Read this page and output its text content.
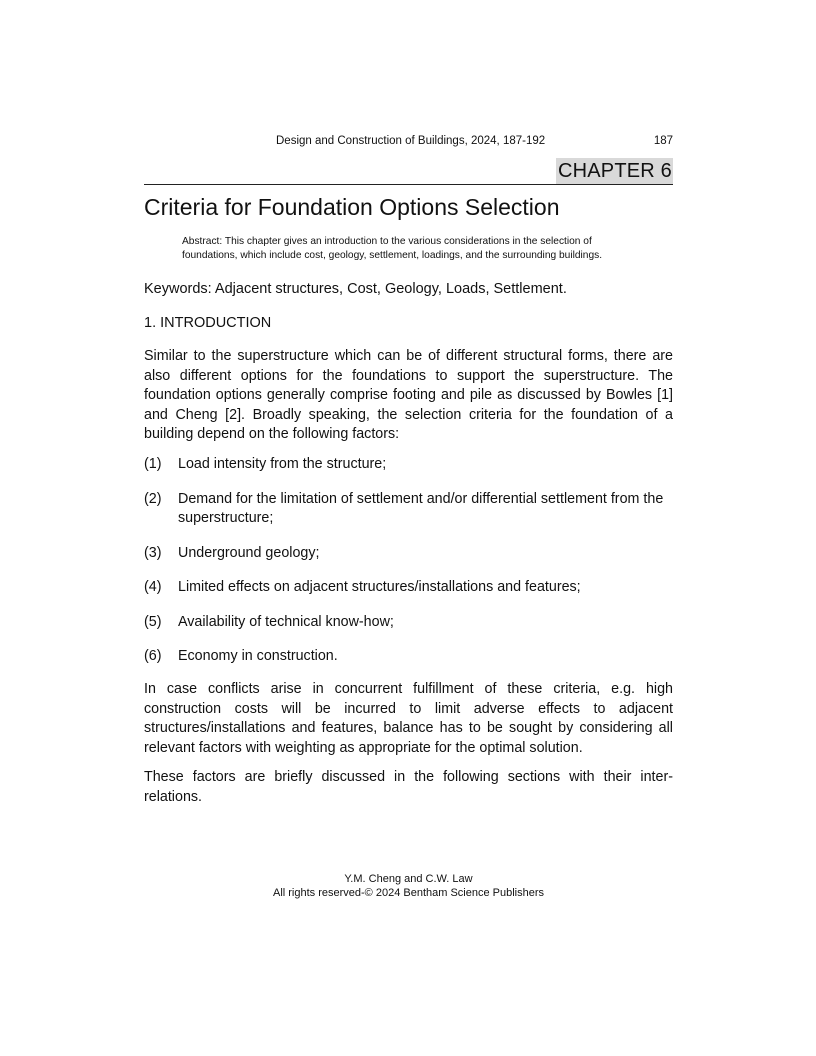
Design and Construction of Buildings, 2024, 187-192	187
CHAPTER 6
Criteria for Foundation Options Selection

Abstract: This chapter gives an introduction to the various considerations in the selection of foundations, which include cost, geology, settlement, loadings, and the surrounding buildings.

Keywords: Adjacent structures, Cost, Geology, Loads, Settlement.

1. INTRODUCTION

Similar to the superstructure which can be of different structural forms, there are also different options for the foundations to support the superstructure. The foundation options generally comprise footing and pile as discussed by Bowles [1] and Cheng [2]. Broadly speaking, the selection criteria for the foundation of a building depend on the following factors:

(1) Load intensity from the structure;
(2) Demand for the limitation of settlement and/or differential settlement from the superstructure;
(3) Underground geology;
(4) Limited effects on adjacent structures/installations and features;
(5) Availability of technical know-how;
(6) Economy in construction.

In case conflicts arise in concurrent fulfillment of these criteria, e.g. high construction costs will be incurred to limit adverse effects to adjacent structures/installations and features, balance has to be sought by considering all relevant factors with weighting as appropriate for the optimal solution.

These factors are briefly discussed in the following sections with their inter-relations.

Y.M. Cheng and C.W. Law
All rights reserved-© 2024 Bentham Science Publishers
